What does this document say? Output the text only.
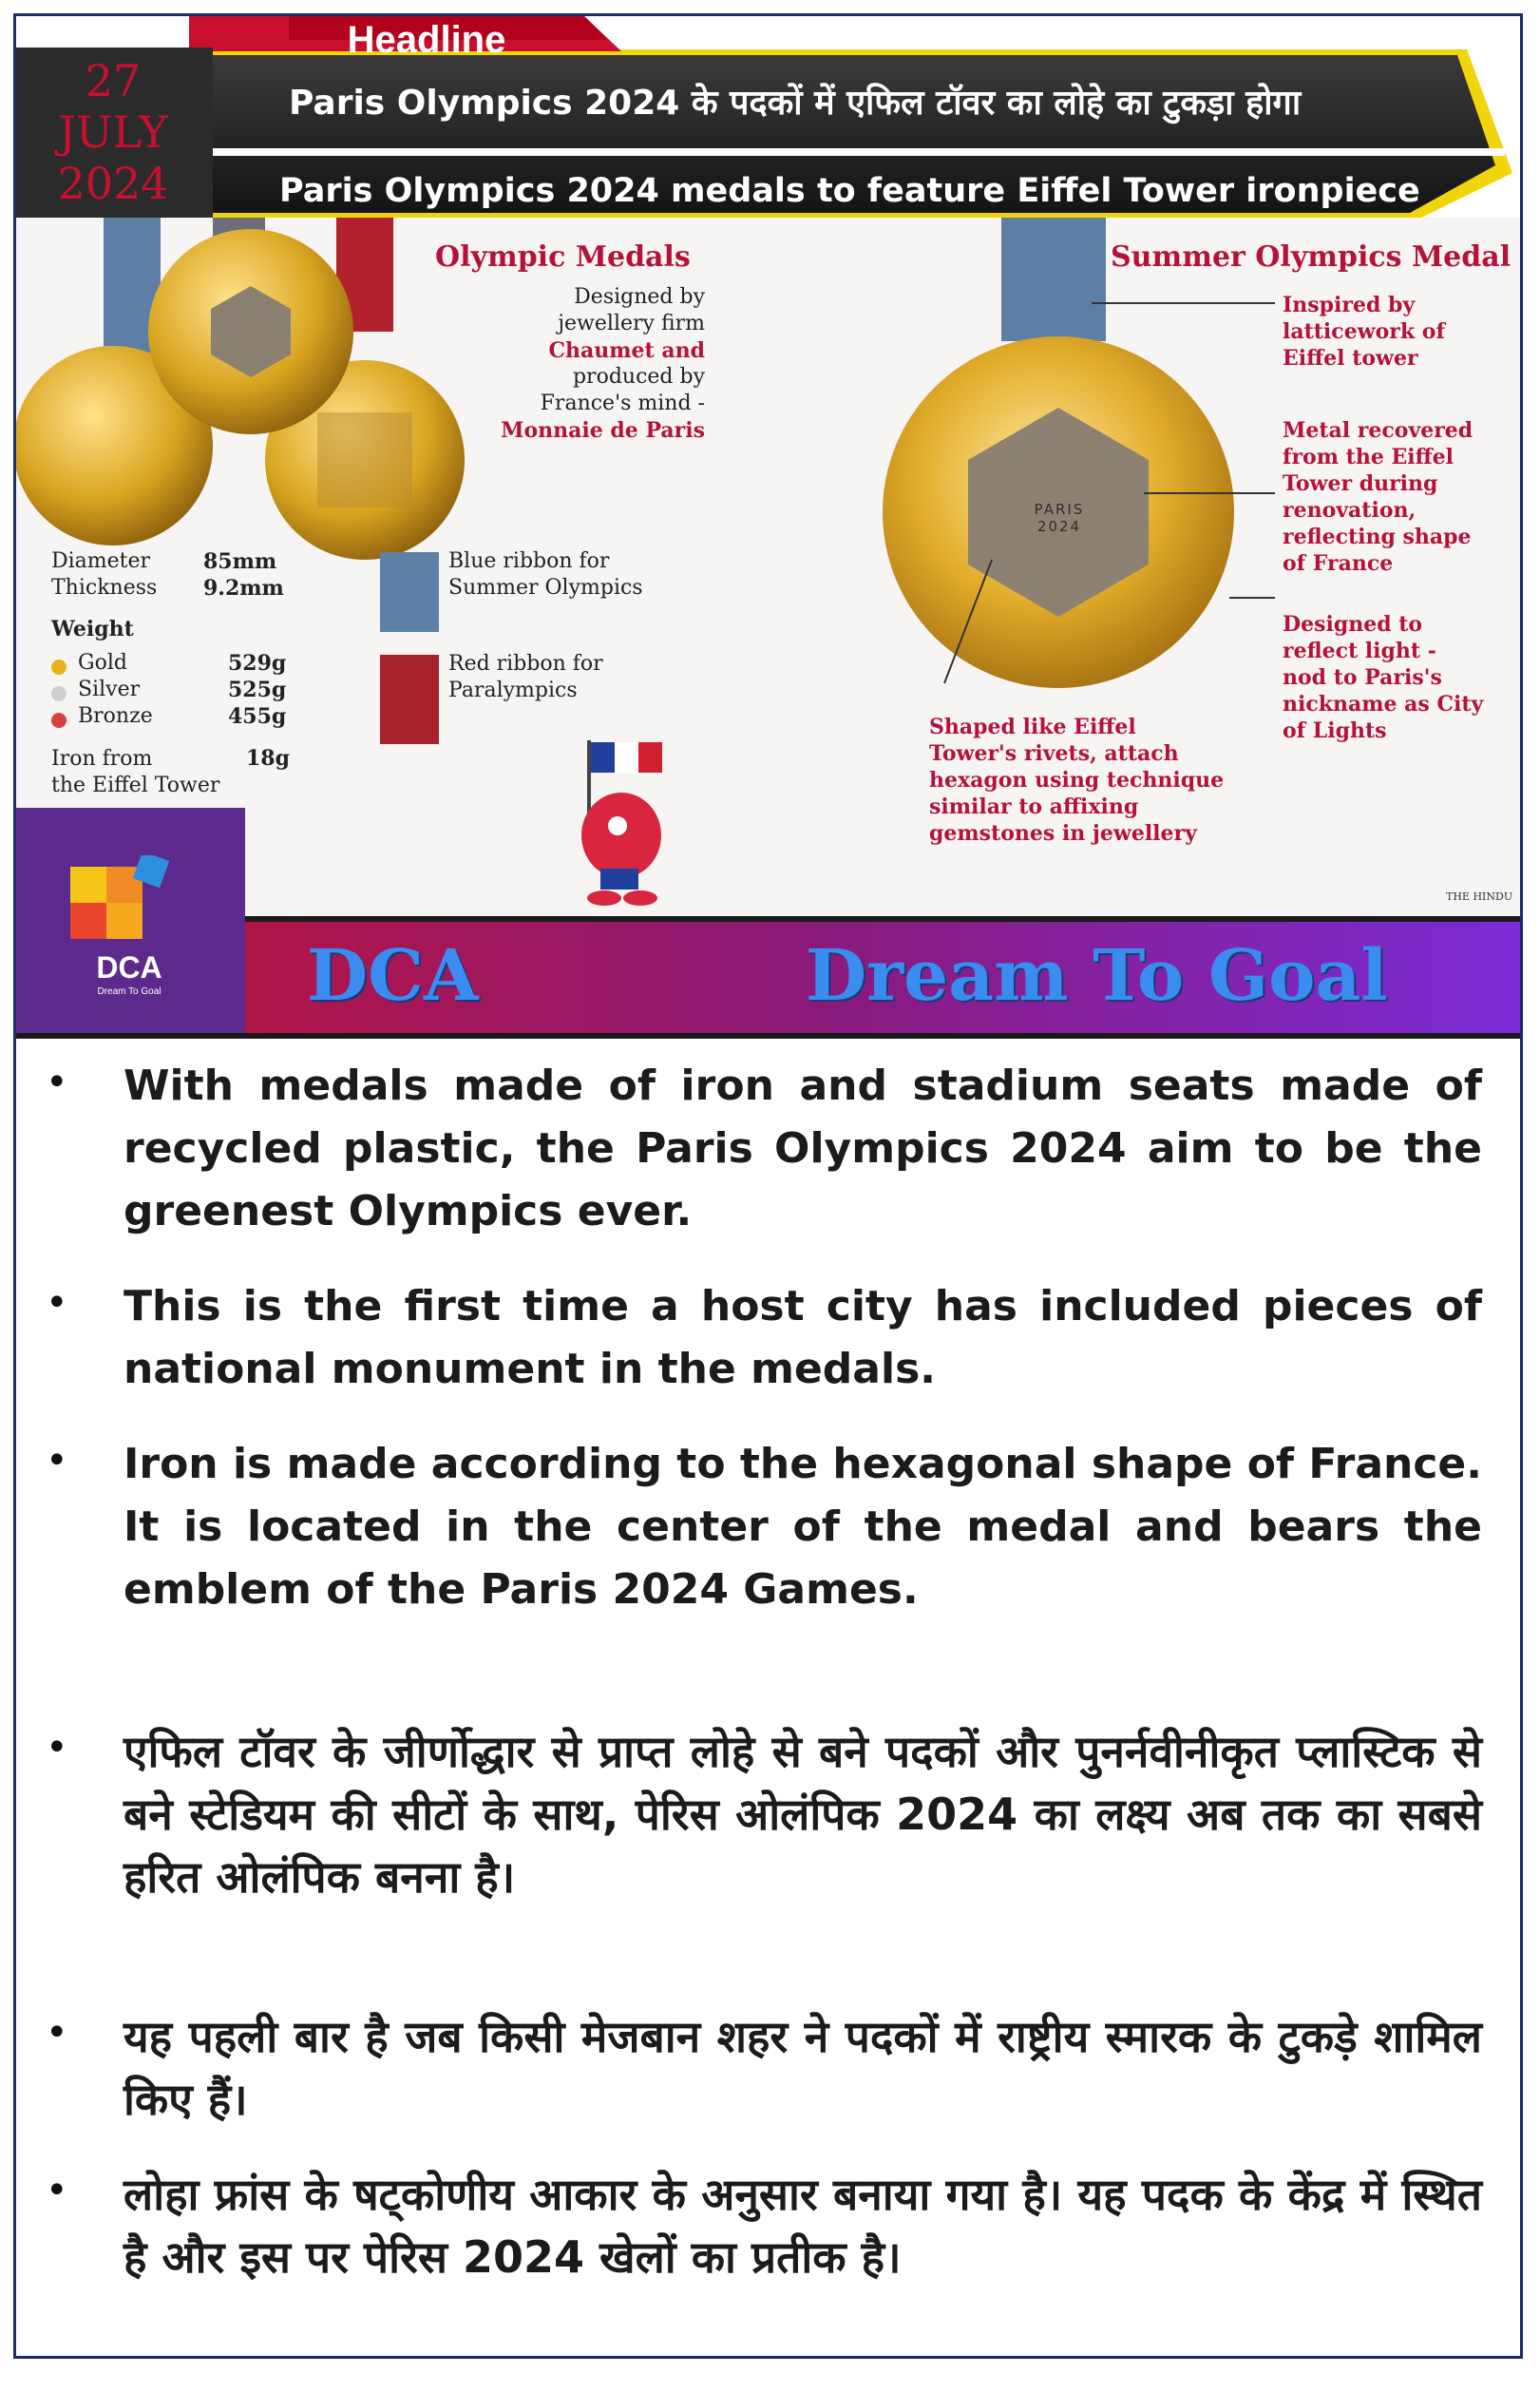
27
JULY
2024
Headline
Paris Olympics 2024 के पदकों में एफिल टॉवर का लोहे का टुकड़ा होगा
Paris Olympics 2024 medals to feature Eiffel Tower ironpiece
Olympic Medals
Designed by
jewellery firm
Chaumet and
produced by
France's mind -
Monnaie de Paris
Diameter	85mm
Thickness 9.2mm
Weight
Gold	529g
Silver	525g
Bronze	455g
Iron from
the Eiffel Tower
18g
Blue ribbon for
Summer Olympics
Red ribbon for
Paralympics
PARIS 2024
Summer Olympics Medal
Inspired by
latticework of
Eiffel tower
Metal recovered
from the Eiffel
Tower during
renovation,
reflecting shape
of France
Designed to
reflect light -
nod to Paris's
nickname as City
of Lights
Shaped like Eiffel
Tower's rivets, attach
hexagon using technique
similar to affixing
gemstones in jewellery
THE HINDU
DCA
Dream To Goal	DCA	Dream To Goal
• With medals made of iron and stadium seats made of recycled plastic, the Paris Olympics 2024 aim to be the greenest Olympics ever.
• This is the first time a host city has included pieces of national monument in the medals.
• Iron is made according to the hexagonal shape of France. It is located in the center of the medal and bears the emblem of the Paris 2024 Games.
• एफिल टॉवर के जीर्णोद्धार से प्राप्त लोहे से बने पदकों और पुनर्नवीनीकृत प्लास्टिक से बने स्टेडियम की सीटों के साथ, पेरिस ओलंपिक 2024 का लक्ष्य अब तक का सबसे हरित ओलंपिक बनना है।
• यह पहली बार है जब किसी मेजबान शहर ने पदकों में राष्ट्रीय स्मारक के टुकड़े शामिल किए हैं।
• लोहा फ्रांस के षट्कोणीय आकार के अनुसार बनाया गया है। यह पदक के केंद्र में स्थित है और इस पर पेरिस 2024 खेलों का प्रतीक है।
